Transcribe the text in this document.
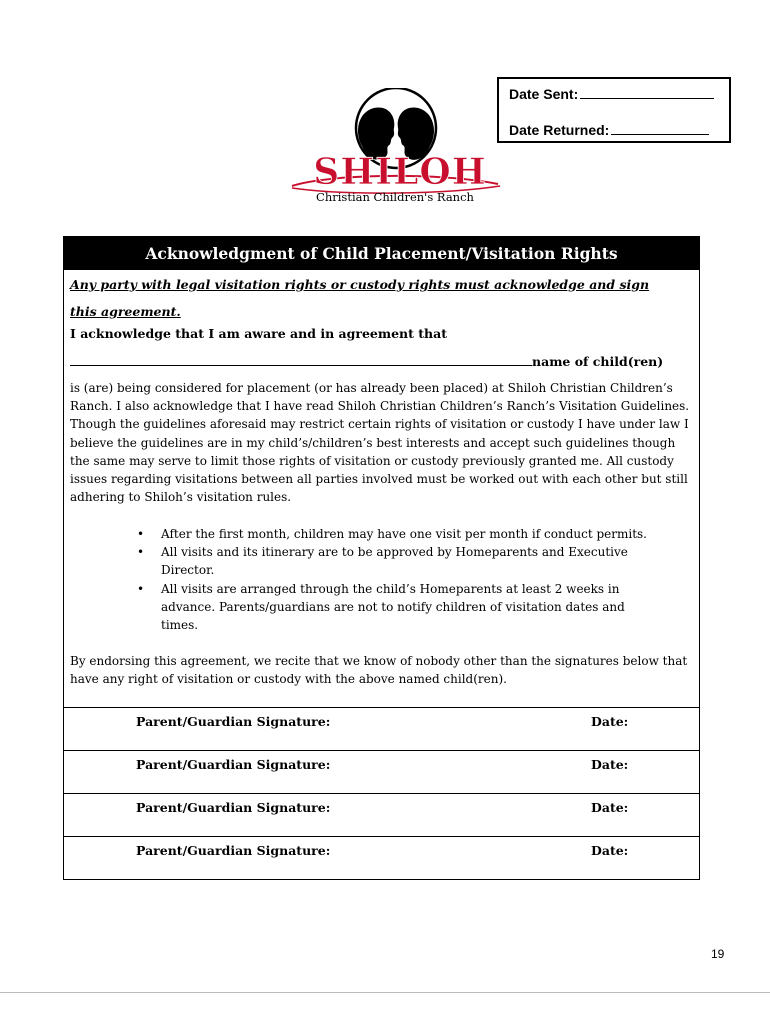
Date Sent:
Date Returned:
SHILOH
Christian Children's Ranch
Acknowledgment of Child Placement/Visitation Rights
Any party with legal visitation rights or custody rights must acknowledge and sign this agreement.
I acknowledge that I am aware and in agreement that
name of child(ren)
is (are) being considered for placement (or has already been placed) at Shiloh Christian Children’s Ranch. I also acknowledge that I have read Shiloh Christian Children’s Ranch’s Visitation Guidelines. Though the guidelines aforesaid may restrict certain rights of visitation or custody I have under law I believe the guidelines are in my child’s/children’s best interests and accept such guidelines though the same may serve to limit those rights of visitation or custody previously granted me. All custody issues regarding visitations between all parties involved must be worked out with each other but still adhering to Shiloh’s visitation rules.
• After the first month, children may have one visit per month if conduct permits.
• All visits and its itinerary are to be approved by Homeparents and Executive Director.
• All visits are arranged through the child’s Homeparents at least 2 weeks in advance. Parents/guardians are not to notify children of visitation dates and times.
By endorsing this agreement, we recite that we know of nobody other than the signatures below that have any right of visitation or custody with the above named child(ren).
Parent/Guardian Signature:	Date:
Parent/Guardian Signature:	Date:
Parent/Guardian Signature:	Date:
Parent/Guardian Signature:	Date:
19
